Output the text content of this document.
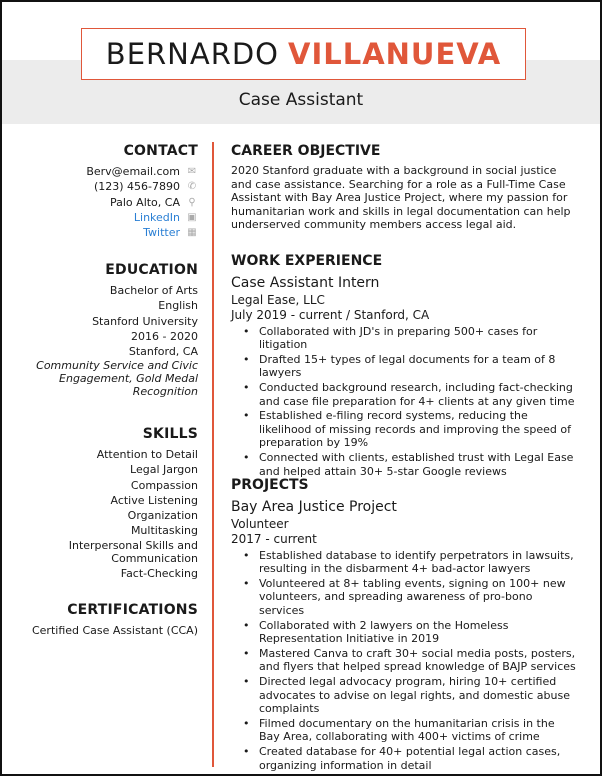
BERNARDO VILLANUEVA
Case Assistant
CONTACT
Berv@email.com ✉
(123) 456-7890 ✆
Palo Alto, CA ⚲
LinkedIn ▣
Twitter ▦
EDUCATION
Bachelor of Arts
English
Stanford University
2016 - 2020
Stanford, CA
Community Service and Civic Engagement, Gold Medal Recognition
SKILLS
Attention to Detail
Legal Jargon
Compassion
Active Listening
Organization
Multitasking
Interpersonal Skills and Communication
Fact-Checking
CERTIFICATIONS
Certified Case Assistant (CCA)
CAREER OBJECTIVE
2020 Stanford graduate with a background in social justice and case assistance. Searching for a role as a Full-Time Case Assistant with Bay Area Justice Project, where my passion for humanitarian work and skills in legal documentation can help underserved community members access legal aid.
WORK EXPERIENCE
Case Assistant Intern
Legal Ease, LLC
July 2019 - current / Stanford, CA
• Collaborated with JD's in preparing 500+ cases for litigation
• Drafted 15+ types of legal documents for a team of 8 lawyers
• Conducted background research, including fact-checking and case file preparation for 4+ clients at any given time
• Established e-filing record systems, reducing the likelihood of missing records and improving the speed of preparation by 19%
• Connected with clients, established trust with Legal Ease and helped attain 30+ 5-star Google reviews
PROJECTS
Bay Area Justice Project
Volunteer
2017 - current
• Established database to identify perpetrators in lawsuits, resulting in the disbarment 4+ bad-actor lawyers
• Volunteered at 8+ tabling events, signing on 100+ new volunteers, and spreading awareness of pro-bono services
• Collaborated with 2 lawyers on the Homeless Representation Initiative in 2019
• Mastered Canva to craft 30+ social media posts, posters, and flyers that helped spread knowledge of BAJP services
• Directed legal advocacy program, hiring 10+ certified advocates to advise on legal rights, and domestic abuse complaints
• Filmed documentary on the humanitarian crisis in the Bay Area, collaborating with 400+ victims of crime
• Created database for 40+ potential legal action cases, organizing information in detail
